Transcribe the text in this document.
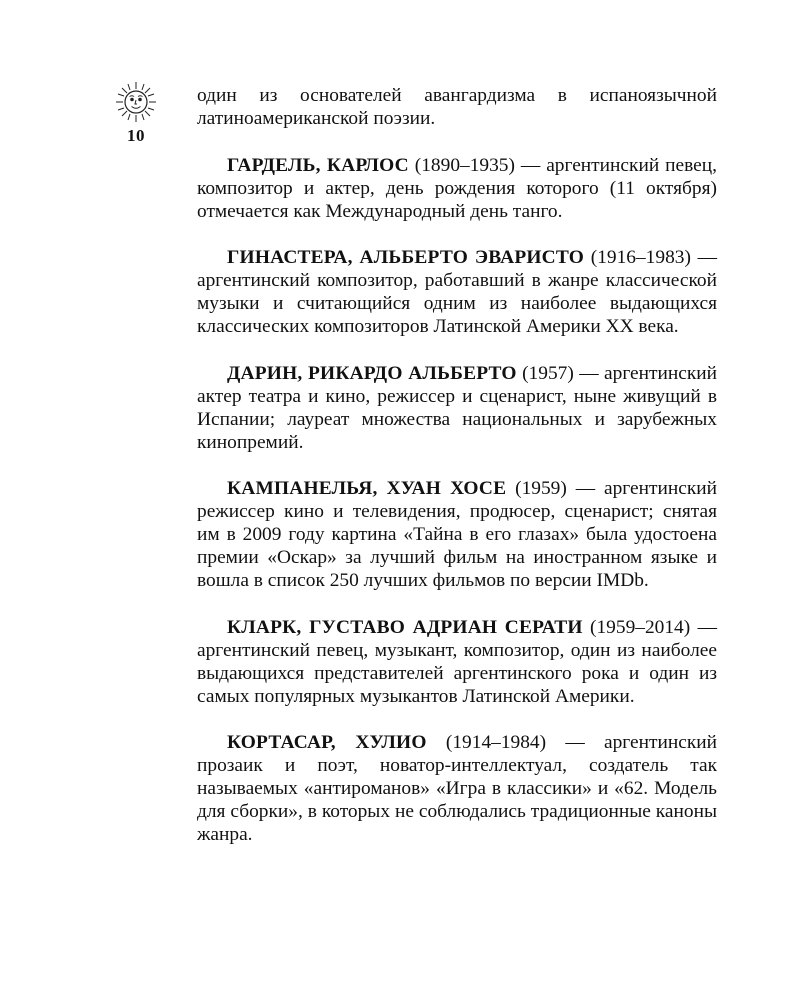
10

один из основателей авангардизма в испаноязычной латиноамериканской поэзии.

ГАРДЕЛЬ, КАРЛОС (1890–1935) — аргентинский певец, композитор и актер, день рождения которого (11 октября) отмечается как Международный день танго.

ГИНАСТЕРА, АЛЬБЕРТО ЭВАРИСТО (1916–1983) — аргентинский композитор, работавший в жанре классической музыки и считающийся одним из наиболее выдающихся классических композиторов Латинской Америки XX века.

ДАРИН, РИКАРДО АЛЬБЕРТО (1957) — аргентинский актер театра и кино, режиссер и сценарист, ныне живущий в Испании; лауреат множества национальных и зарубежных кинопремий.

КАМПАНЕЛЬЯ, ХУАН ХОСЕ (1959) — аргентинский режиссер кино и телевидения, продюсер, сценарист; снятая им в 2009 году картина «Тайна в его глазах» была удостоена премии «Оскар» за лучший фильм на иностранном языке и вошла в список 250 лучших фильмов по версии IMDb.

КЛАРК, ГУСТАВО АДРИАН СЕРАТИ (1959–2014) — аргентинский певец, музыкант, композитор, один из наиболее выдающихся представителей аргентинского рока и один из самых популярных музыкантов Латинской Америки.

КОРТАСАР, ХУЛИО (1914–1984) — аргентинский прозаик и поэт, новатор-интеллектуал, создатель так называемых «антироманов» «Игра в классики» и «62. Модель для сборки», в которых не соблюдались традиционные каноны жанра.
